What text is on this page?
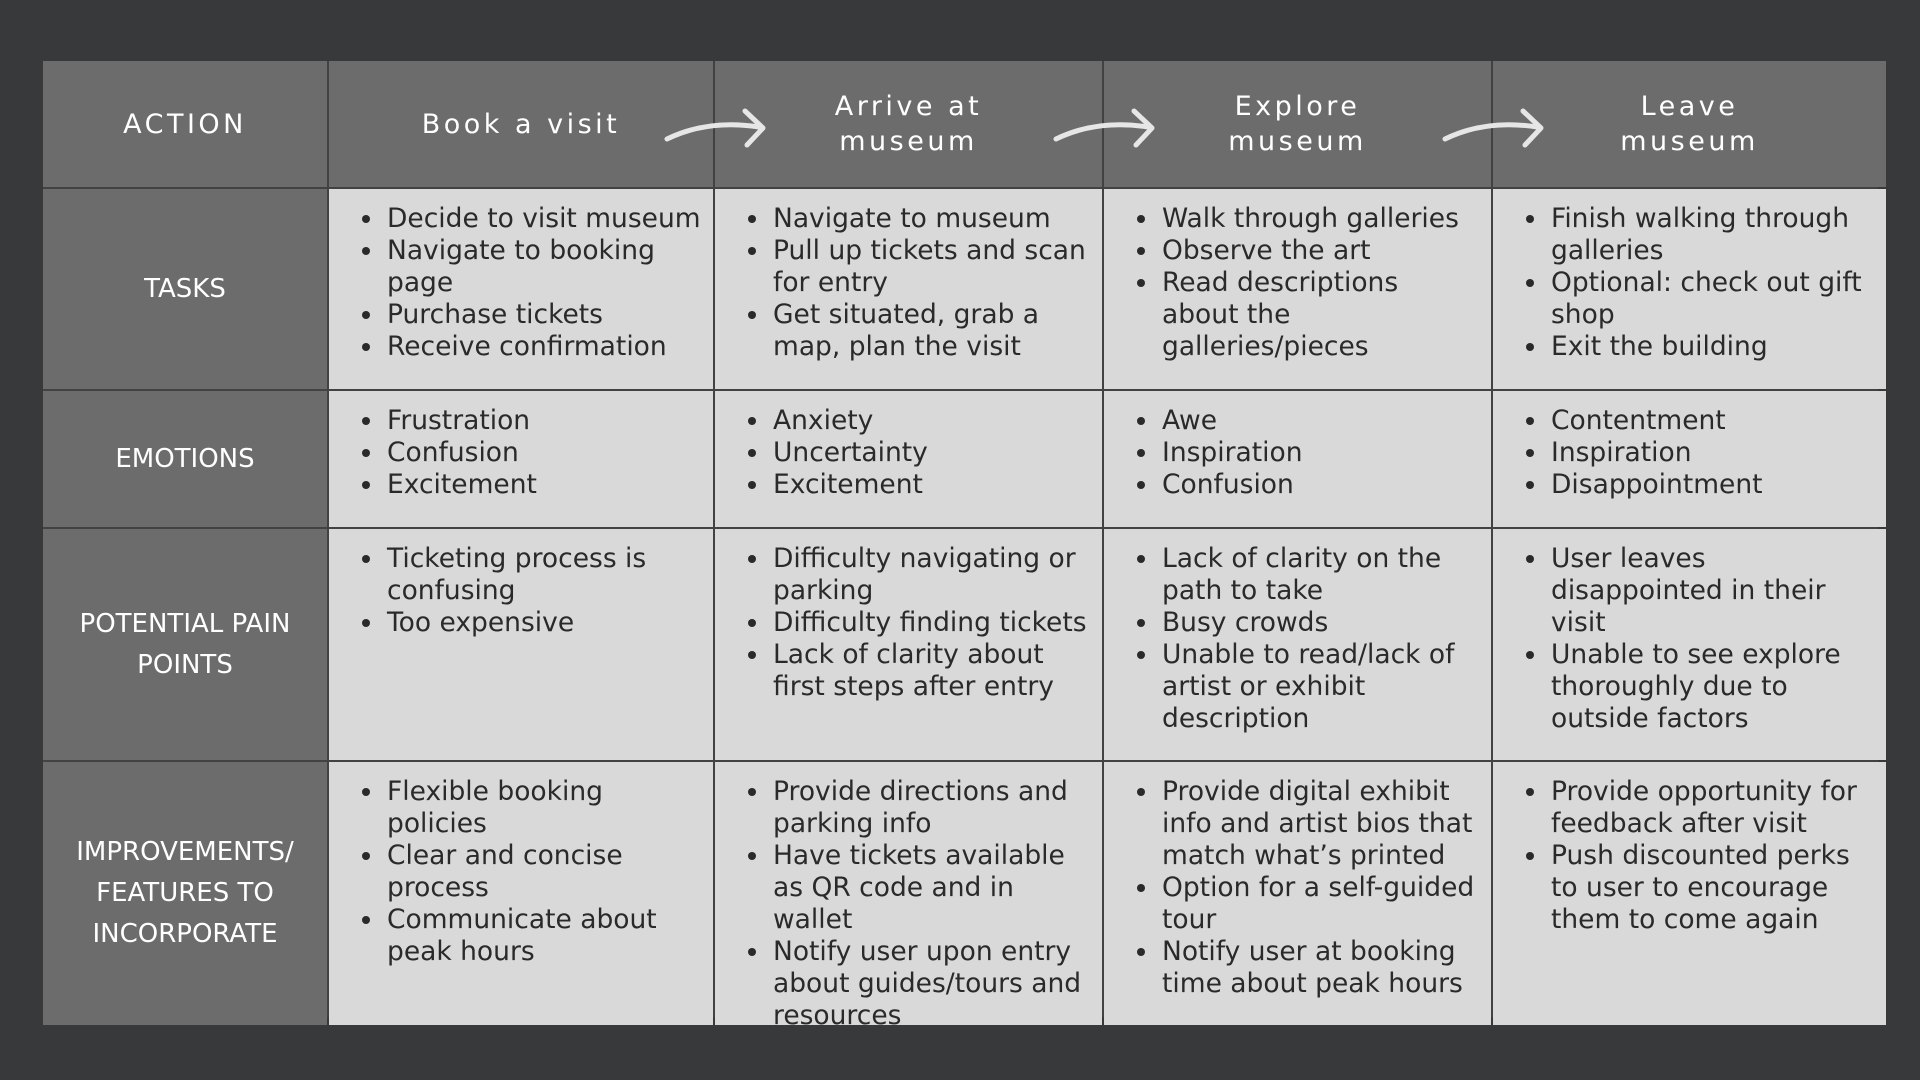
ACTION	Book a visit
Arrive at museum
Explore museum
Leave museum
TASKS
• Decide to visit museum
• Navigate to booking page
• Purchase tickets
• Receive confirmation
• Navigate to museum
• Pull up tickets and scan for entry
• Get situated, grab a map, plan the visit
• Walk through galleries
• Observe the art
• Read descriptions about the galleries/pieces
• Finish walking through galleries
• Optional: check out gift shop
• Exit the building
EMOTIONS
• Frustration
• Confusion
• Excitement
• Anxiety
• Uncertainty
• Excitement
• Awe
• Inspiration
• Confusion
• Contentment
• Inspiration
• Disappointment
POTENTIAL PAIN POINTS
• Ticketing process is confusing
• Too expensive
• Difficulty navigating or parking
• Difficulty finding tickets
• Lack of clarity about first steps after entry
• Lack of clarity on the path to take
• Busy crowds
• Unable to read/lack of artist or exhibit description
• User leaves disappointed in their visit
• Unable to see explore thoroughly due to outside factors
IMPROVEMENTS/ FEATURES TO INCORPORATE
• Flexible booking policies
• Clear and concise process
• Communicate about peak hours
• Provide directions and parking info
• Have tickets available as QR code and in wallet
• Notify user upon entry about guides/tours and resources
• Provide digital exhibit info and artist bios that match what’s printed
• Option for a self-guided tour
• Notify user at booking time about peak hours
• Provide opportunity for feedback after visit
• Push discounted perks to user to encourage them to come again
